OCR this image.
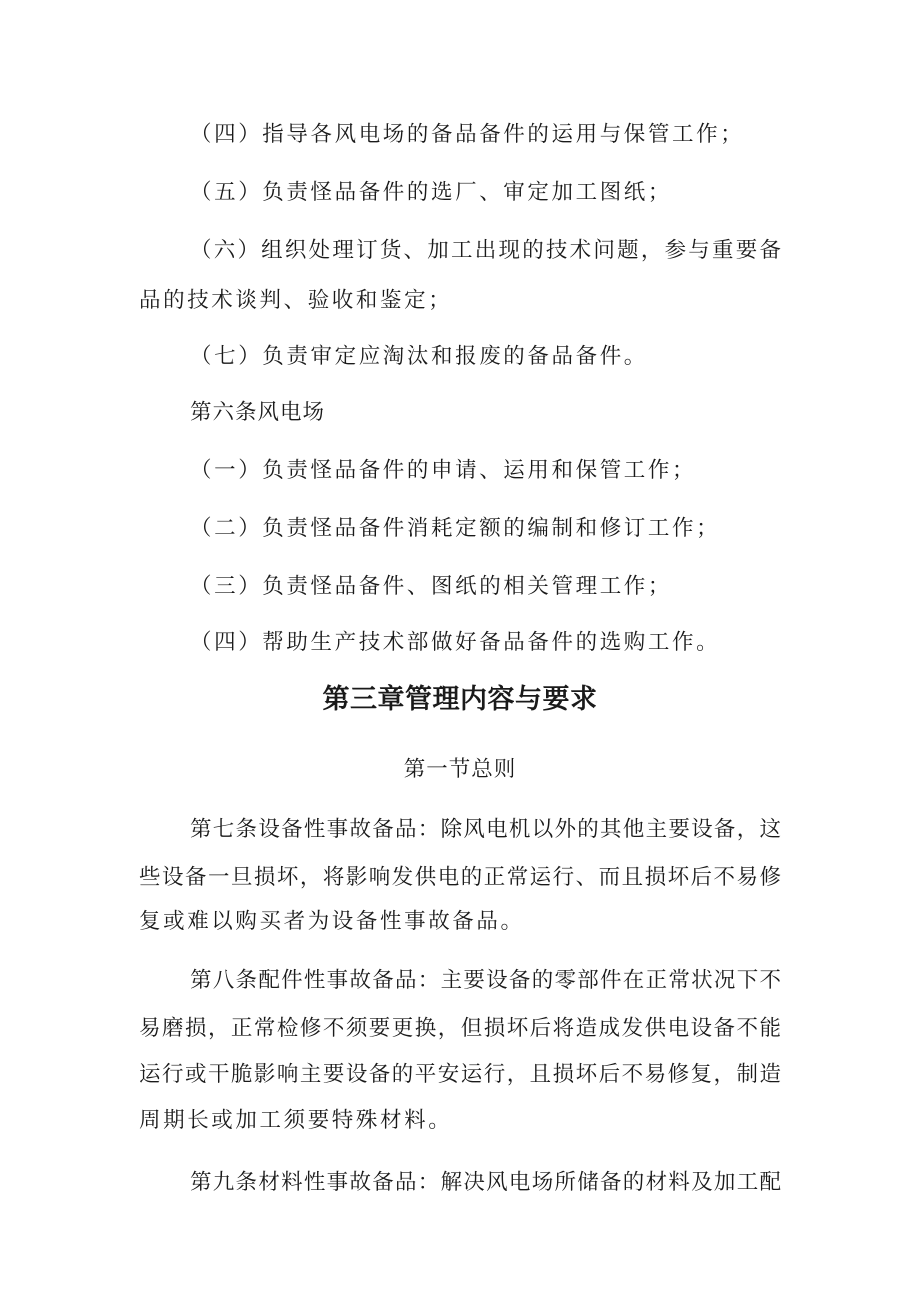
（四）指导各风电场的备品备件的运用与保管工作；
（五）负责怪品备件的选厂、审定加工图纸；
（六）组织处理订货、加工出现的技术问题，参与重要备
品的技术谈判、验收和鉴定；
（七）负责审定应淘汰和报废的备品备件。
第六条风电场
（一）负责怪品备件的申请、运用和保管工作；
（二）负责怪品备件消耗定额的编制和修订工作；
（三）负责怪品备件、图纸的相关管理工作；
（四）帮助生产技术部做好备品备件的选购工作。
第三章管理内容与要求
第一节总则
第七条设备性事故备品：除风电机以外的其他主要设备，这
些设备一旦损坏，将影响发供电的正常运行、而且损坏后不易修
复或难以购买者为设备性事故备品。
第八条配件性事故备品：主要设备的零部件在正常状况下不
易磨损，正常检修不须要更换，但损坏后将造成发供电设备不能
运行或干脆影响主要设备的平安运行，且损坏后不易修复，制造
周期长或加工须要特殊材料。
第九条材料性事故备品：解决风电场所储备的材料及加工配
